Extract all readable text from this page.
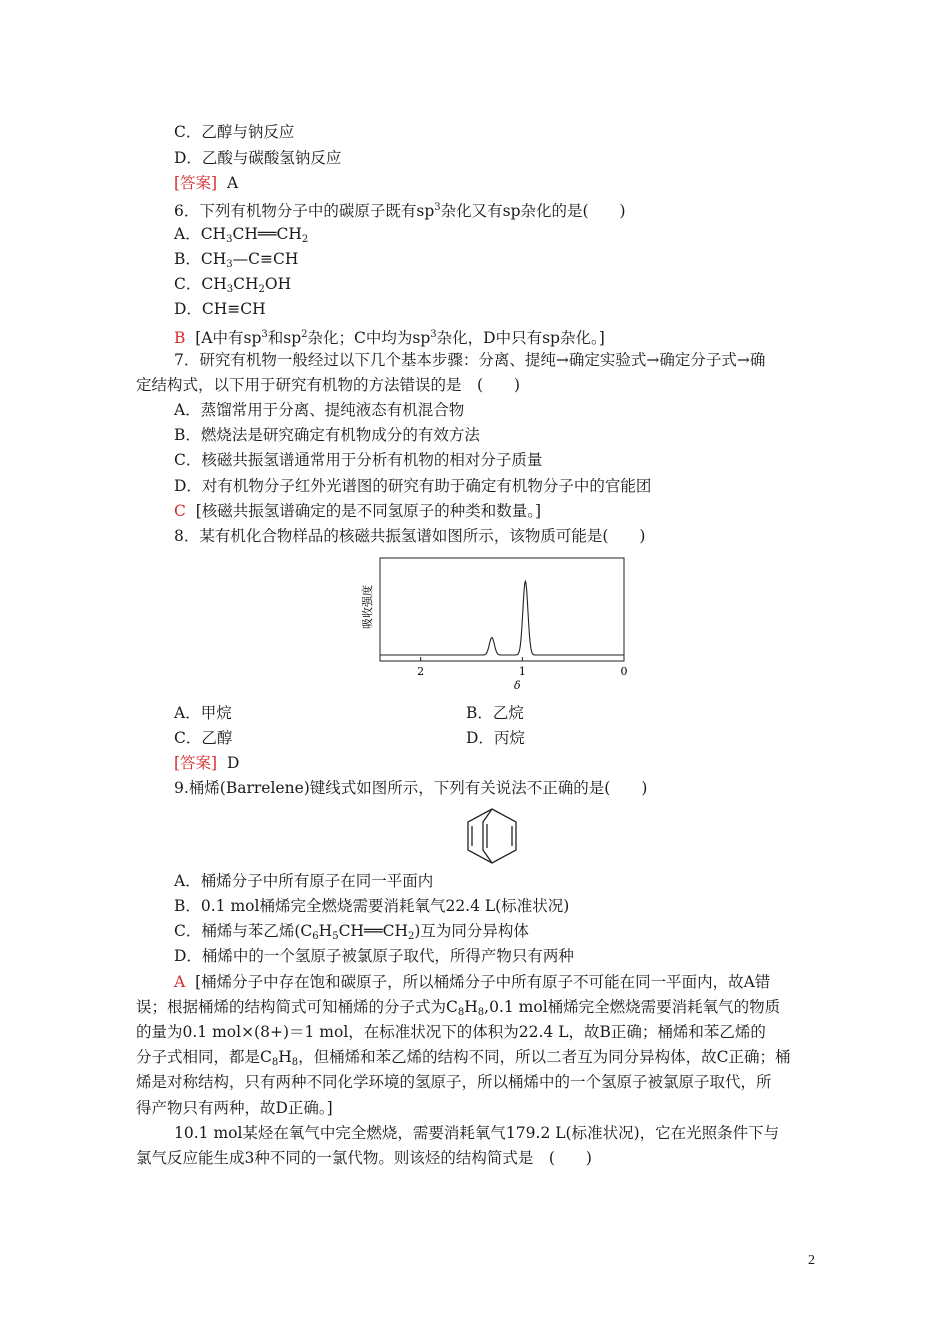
C．乙醇与钠反应
D．乙酸与碳酸氢钠反应
[答案] A
6．下列有机物分子中的碳原子既有$sp^3$杂化又有sp杂化的是(　　)
A．$CH_3CH══CH_2$
B．$CH_3—C\equiv CH$
C．$CH_3CH_2OH$
D．CH≡CH
B [A中有$sp^3$和$sp^2$杂化；C中均为$sp^3$杂化，D中只有sp杂化。]
7．研究有机物一般经过以下几个基本步骤：分离、提纯→确定实验式→确定分子式→确
定结构式，以下用于研究有机物的方法错误的是　(　　)
A．蒸馏常用于分离、提纯液态有机混合物
B．燃烧法是研究确定有机物成分的有效方法
C．核磁共振氢谱通常用于分析有机物的相对分子质量
D．对有机物分子红外光谱图的研究有助于确定有机物分子中的官能团
C [核磁共振氢谱确定的是不同氢原子的种类和数量。]
8．某有机化合物样品的核磁共振氢谱如图所示，该物质可能是(　　)
吸收强度
2	1	0
δ
A．甲烷	B．乙烷
C．乙醇	D．丙烷
[答案] D
9.桶烯(Barrelene)键线式如图所示，下列有关说法不正确的是(　　)
A．桶烯分子中所有原子在同一平面内
B．0.1 mol桶烯完全燃烧需要消耗氧气22.4 L(标准状况)
C．桶烯与苯乙烯$(C_6H_5CH══CH_2)$互为同分异构体
D．桶烯中的一个氢原子被氯原子取代，所得产物只有两种
A [桶烯分子中存在饱和碳原子，所以桶烯分子中所有原子不可能在同一平面内，故A错
误；根据桶烯的结构简式可知桶烯的分子式为$C_8H_8,0.1$ mol桶烯完全燃烧需要消耗氧气的物质
的量为0.1 mol×(8+)＝1 mol，在标准状况下的体积为22.4 L，故B正确；桶烯和苯乙烯的
分子式相同，都是$C_8H_8$，但桶烯和苯乙烯的结构不同，所以二者互为同分异构体，故C正确；桶
烯是对称结构，只有两种不同化学环境的氢原子，所以桶烯中的一个氢原子被氯原子取代，所
得产物只有两种，故D正确。]
10.1 mol某烃在氧气中完全燃烧，需要消耗氧气179.2 L(标准状况)，它在光照条件下与
氯气反应能生成3种不同的一氯代物。则该烃的结构简式是　(　　)
2
